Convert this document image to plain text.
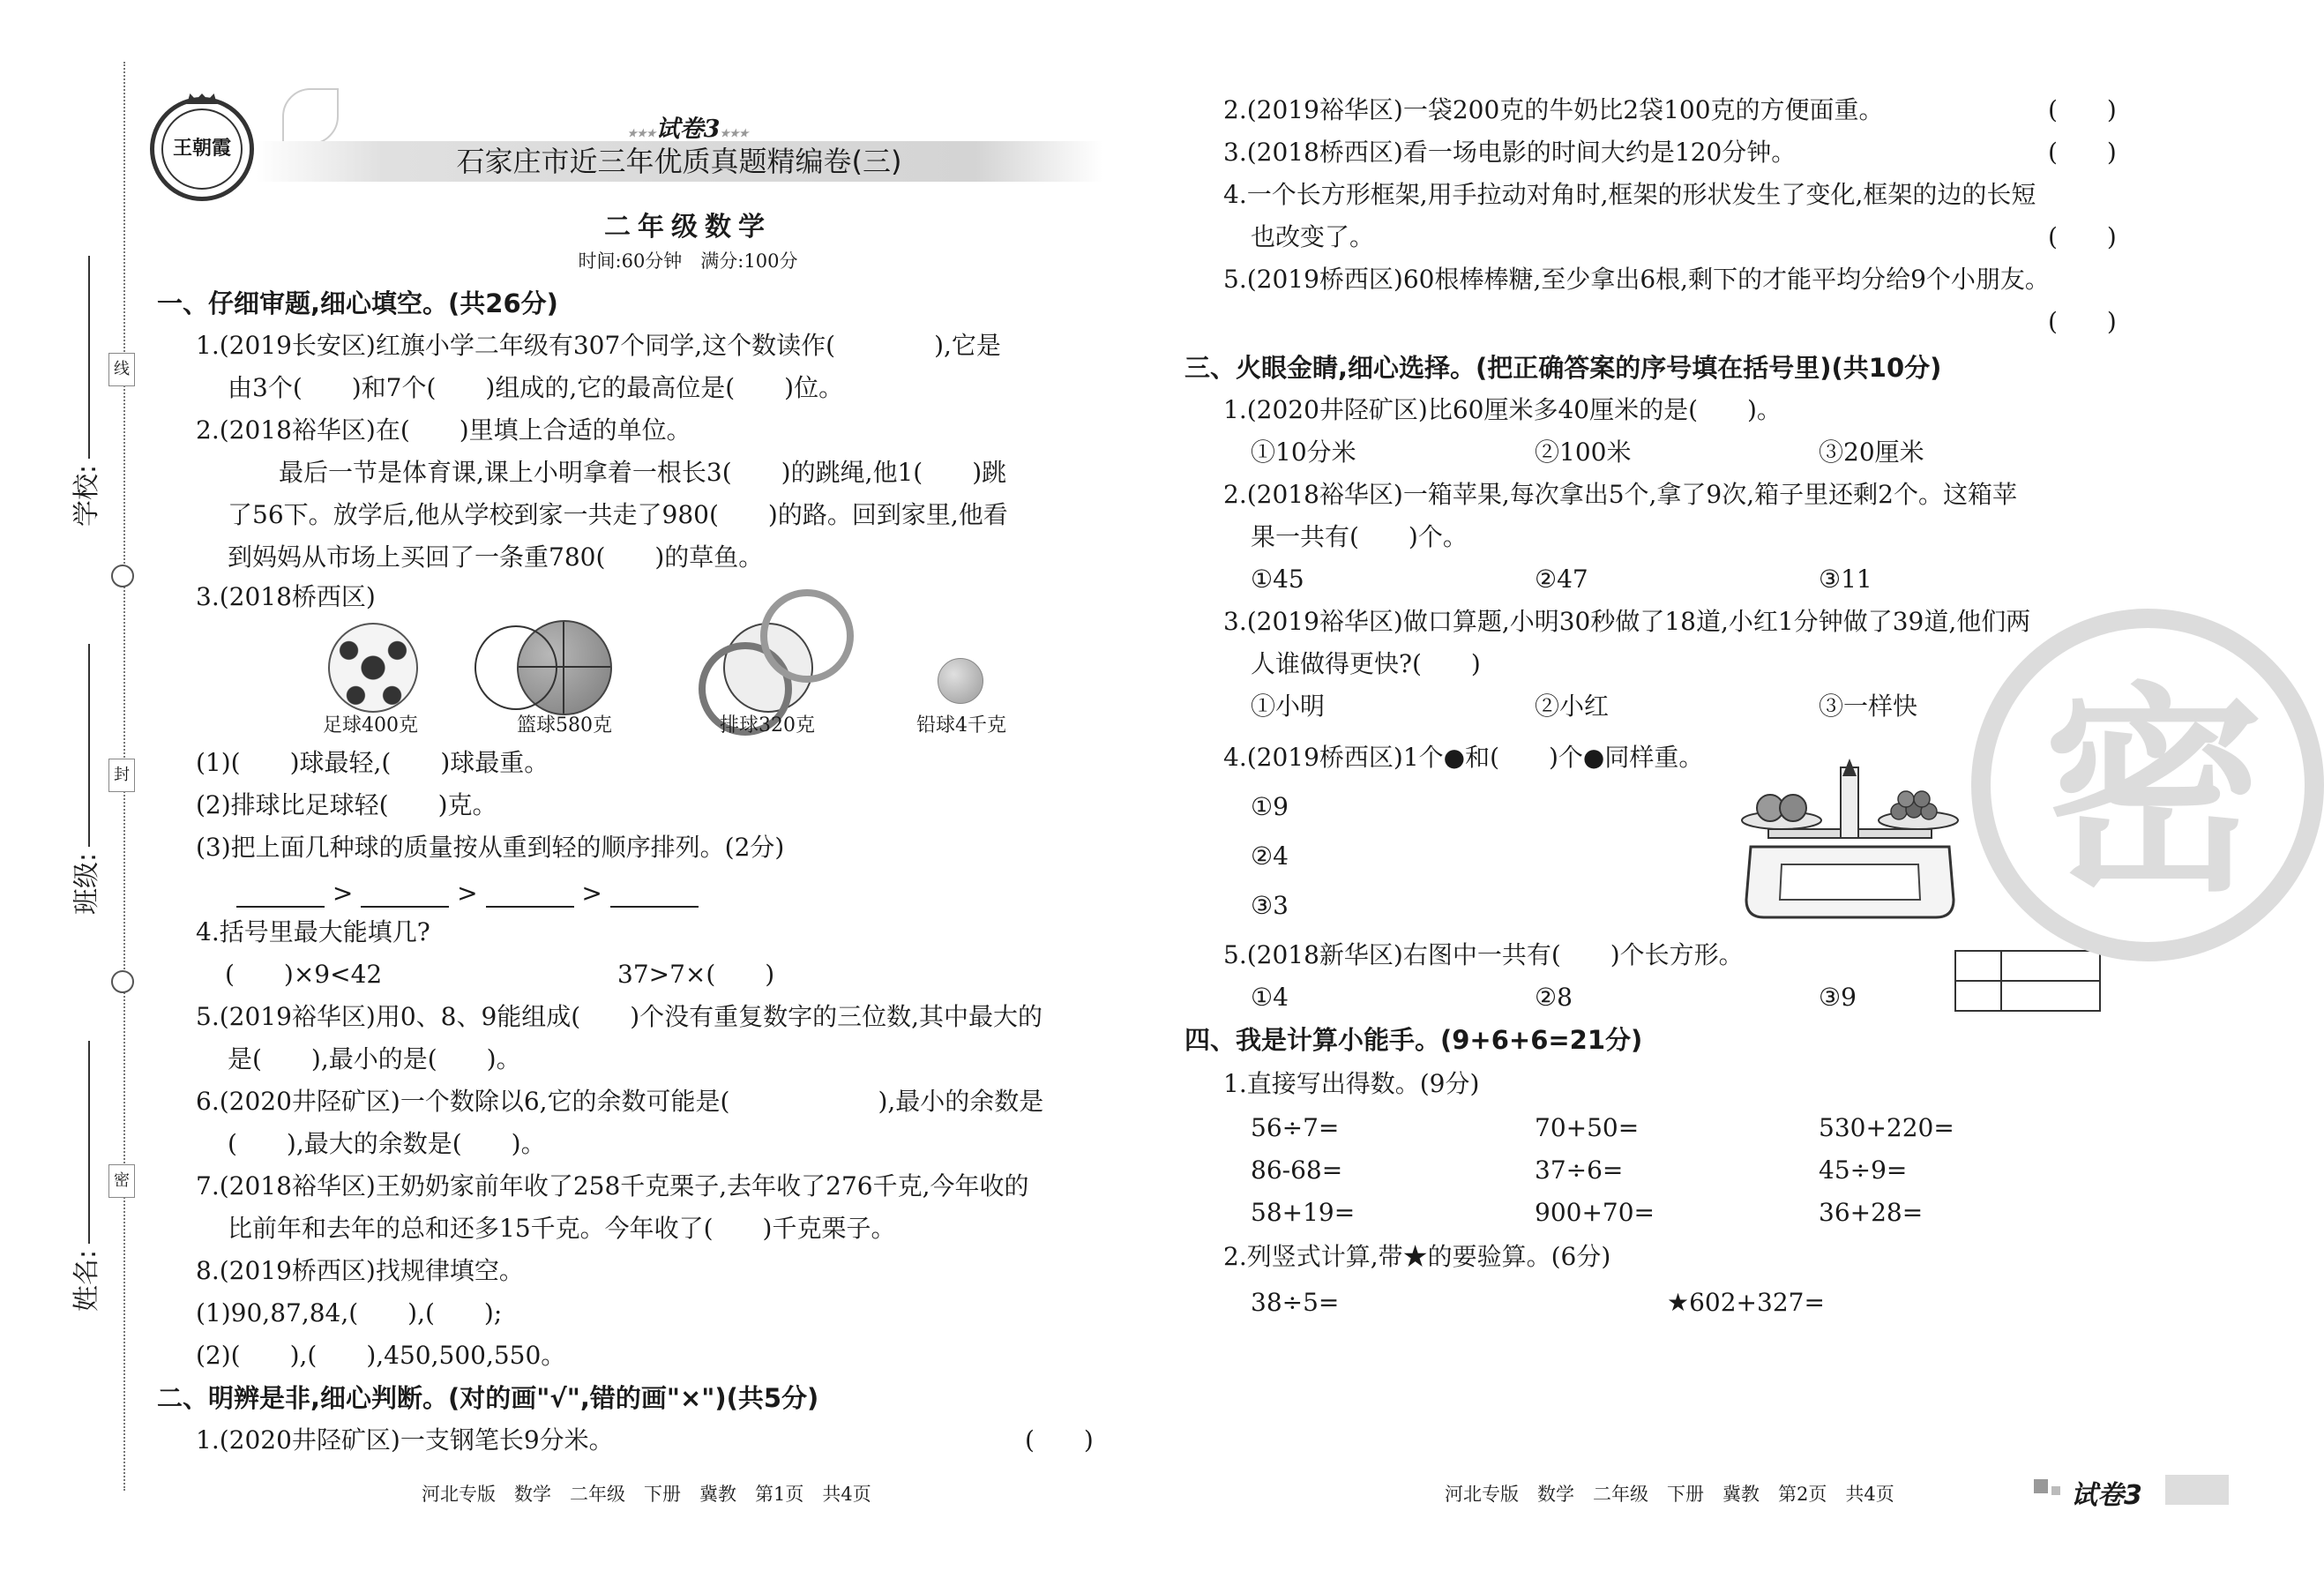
线
封
密
学校:
班级:
姓名:
王朝霞
★★★试卷3★★★
石家庄市近三年优质真题精编卷(三)
二年级数学
时间:60分钟　满分:100分
一、仔细审题,细心填空。(共26分)
1.(2019长安区)红旗小学二年级有307个同学,这个数读作(　　　　),它是
由3个(　　)和7个(　　)组成的,它的最高位是(　　)位。
2.(2018裕华区)在(　　)里填上合适的单位。
最后一节是体育课,课上小明拿着一根长3(　　)的跳绳,他1(　　)跳
了56下。放学后,他从学校到家一共走了980(　　)的路。回到家里,他看
到妈妈从市场上买回了一条重780(　　)的草鱼。
3.(2018桥西区)
足球400克	篮球580克	排球320克	铅球4千克
(1)(　　)球最轻,(　　)球最重。
(2)排球比足球轻(　　)克。
(3)把上面几种球的质量按从重到轻的顺序排列。(2分)
>	>	>
4.括号里最大能填几?
(　　)×9<42	37>7×(　　)
5.(2019裕华区)用0、8、9能组成(　　)个没有重复数字的三位数,其中最大的
是(　　),最小的是(　　)。
6.(2020井陉矿区)一个数除以6,它的余数可能是(　　　　　　),最小的余数是
(　　),最大的余数是(　　)。
7.(2018裕华区)王奶奶家前年收了258千克栗子,去年收了276千克,今年收的
比前年和去年的总和还多15千克。今年收了(　　)千克栗子。
8.(2019桥西区)找规律填空。
(1)90,87,84,(　　),(　　);
(2)(　　),(　　),450,500,550。
二、明辨是非,细心判断。(对的画"√",错的画"×")(共5分)
1.(2020井陉矿区)一支钢笔长9分米。	(　　)
2.(2019裕华区)一袋200克的牛奶比2袋100克的方便面重。	(　　)
3.(2018桥西区)看一场电影的时间大约是120分钟。	(　　)
4.一个长方形框架,用手拉动对角时,框架的形状发生了变化,框架的边的长短
也改变了。	(　　)
5.(2019桥西区)60根棒棒糖,至少拿出6根,剩下的才能平均分给9个小朋友。
(　　)
三、火眼金睛,细心选择。(把正确答案的序号填在括号里)(共10分)
1.(2020井陉矿区)比60厘米多40厘米的是(　　)。
①10分米	②100米	③20厘米
2.(2018裕华区)一箱苹果,每次拿出5个,拿了9次,箱子里还剩2个。这箱苹
果一共有(　　)个。
①45	②47	③11
3.(2019裕华区)做口算题,小明30秒做了18道,小红1分钟做了39道,他们两
人谁做得更快?(　　)
①小明	②小红	③一样快
4.(2019桥西区)1个●和(　　)个●同样重。
①9
②4
③3
5.(2018新华区)右图中一共有(　　)个长方形。
①4	②8	③9
四、我是计算小能手。(9+6+6=21分)
1.直接写出得数。(9分)
56÷7=	70+50=	530+220=
86-68=	37÷6=	45÷9=
58+19=	900+70=	36+28=
2.列竖式计算,带★的要验算。(6分)
38÷5=	★602+327=
密
河北专版　数学　二年级　下册　冀教　第1页　共4页	河北专版　数学　二年级　下册　冀教　第2页　共4页	试卷3
